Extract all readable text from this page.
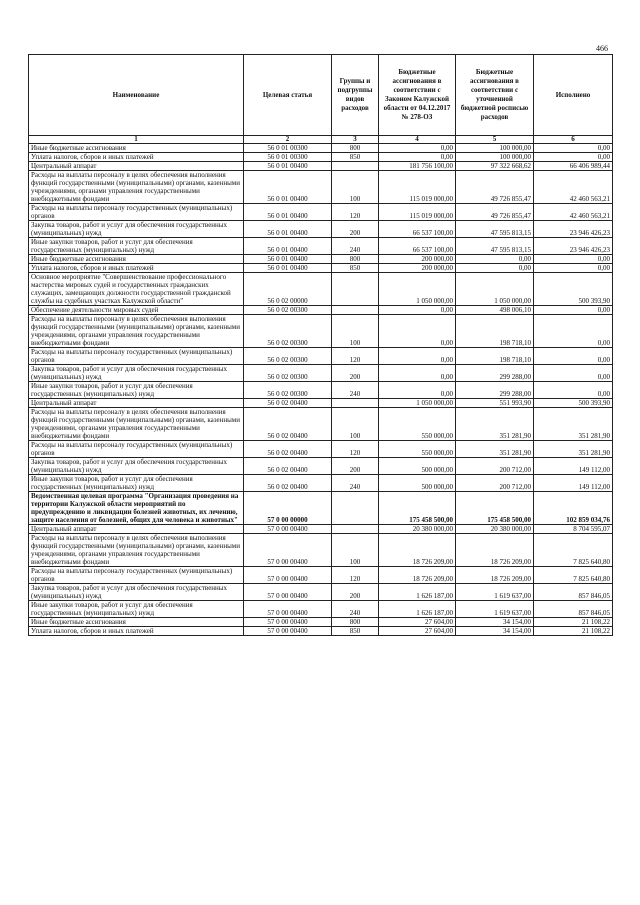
466
Наименование	Целевая статья	Группы и подгруппы видов расходов	Бюджетные ассигнования в соответствии с Законом Калужской области от 04.12.2017 № 278-ОЗ	Бюджетные ассигнования в соответствии с уточненной бюджетной росписью расходов	Исполнено
1	2	3	4	5	6
Иные бюджетные ассигнования	56 0 01 00300	800	0,00	100 000,00	0,00
Уплата налогов, сборов и иных платежей	56 0 01 00300	850	0,00	100 000,00	0,00
Центральный аппарат	56 0 01 00400		181 756 100,00	97 322 668,62	66 406 989,44
Расходы на выплаты персоналу в целях обеспечения выполнения функций государственными (муниципальными) органами, казенными учреждениями, органами управления государственными внебюджетными фондами	56 0 01 00400	100	115 019 000,00	49 726 855,47	42 460 563,21
Расходы на выплаты персоналу государственных (муниципальных) органов	56 0 01 00400	120	115 019 000,00	49 726 855,47	42 460 563,21
Закупка товаров, работ и услуг для обеспечения государственных (муниципальных) нужд	56 0 01 00400	200	66 537 100,00	47 595 813,15	23 946 426,23
Иные закупки товаров, работ и услуг для обеспечения государственных (муниципальных) нужд	56 0 01 00400	240	66 537 100,00	47 595 813,15	23 946 426,23
Иные бюджетные ассигнования	56 0 01 00400	800	200 000,00	0,00	0,00
Уплата налогов, сборов и иных платежей	56 0 01 00400	850	200 000,00	0,00	0,00
Основное мероприятие "Совершенствование профессионального мастерства мировых судей и государственных гражданских служащих, замещающих должности государственной гражданской службы на судебных участках Калужской области"	56 0 02 00000		1 050 000,00	1 050 000,00	500 393,90
Обеспечение деятельности мировых судей	56 0 02 00300		0,00	498 006,10	0,00
Расходы на выплаты персоналу в целях обеспечения выполнения функций государственными (муниципальными) органами, казенными учреждениями, органами управления государственными внебюджетными фондами	56 0 02 00300	100	0,00	198 718,10	0,00
Расходы на выплаты персоналу государственных (муниципальных) органов	56 0 02 00300	120	0,00	198 718,10	0,00
Закупка товаров, работ и услуг для обеспечения государственных (муниципальных) нужд	56 0 02 00300	200	0,00	299 288,00	0,00
Иные закупки товаров, работ и услуг для обеспечения государственных (муниципальных) нужд	56 0 02 00300	240	0,00	299 288,00	0,00
Центральный аппарат	56 0 02 00400		1 050 000,00	551 993,90	500 393,90
Расходы на выплаты персоналу в целях обеспечения выполнения функций государственными (муниципальными) органами, казенными учреждениями, органами управления государственными внебюджетными фондами	56 0 02 00400	100	550 000,00	351 281,90	351 281,90
Расходы на выплаты персоналу государственных (муниципальных) органов	56 0 02 00400	120	550 000,00	351 281,90	351 281,90
Закупка товаров, работ и услуг для обеспечения государственных (муниципальных) нужд	56 0 02 00400	200	500 000,00	200 712,00	149 112,00
Иные закупки товаров, работ и услуг для обеспечения государственных (муниципальных) нужд	56 0 02 00400	240	500 000,00	200 712,00	149 112,00
Ведомственная целевая программа "Организация проведения на территории Калужской области мероприятий по предупреждению и ликвидации болезней животных, их лечению, защите населения от болезней, общих для человека и животных"	57 0 00 00000		175 458 500,00	175 458 500,00	102 859 034,76
Центральный аппарат	57 0 00 00400		20 380 000,00	20 380 000,00	8 704 595,07
Расходы на выплаты персоналу в целях обеспечения выполнения функций государственными (муниципальными) органами, казенными учреждениями, органами управления государственными внебюджетными фондами	57 0 00 00400	100	18 726 209,00	18 726 209,00	7 825 640,80
Расходы на выплаты персоналу государственных (муниципальных) органов	57 0 00 00400	120	18 726 209,00	18 726 209,00	7 825 640,80
Закупка товаров, работ и услуг для обеспечения государственных (муниципальных) нужд	57 0 00 00400	200	1 626 187,00	1 619 637,00	857 846,05
Иные закупки товаров, работ и услуг для обеспечения государственных (муниципальных) нужд	57 0 00 00400	240	1 626 187,00	1 619 637,00	857 846,05
Иные бюджетные ассигнования	57 0 00 00400	800	27 604,00	34 154,00	21 108,22
Уплата налогов, сборов и иных платежей	57 0 00 00400	850	27 604,00	34 154,00	21 108,22
